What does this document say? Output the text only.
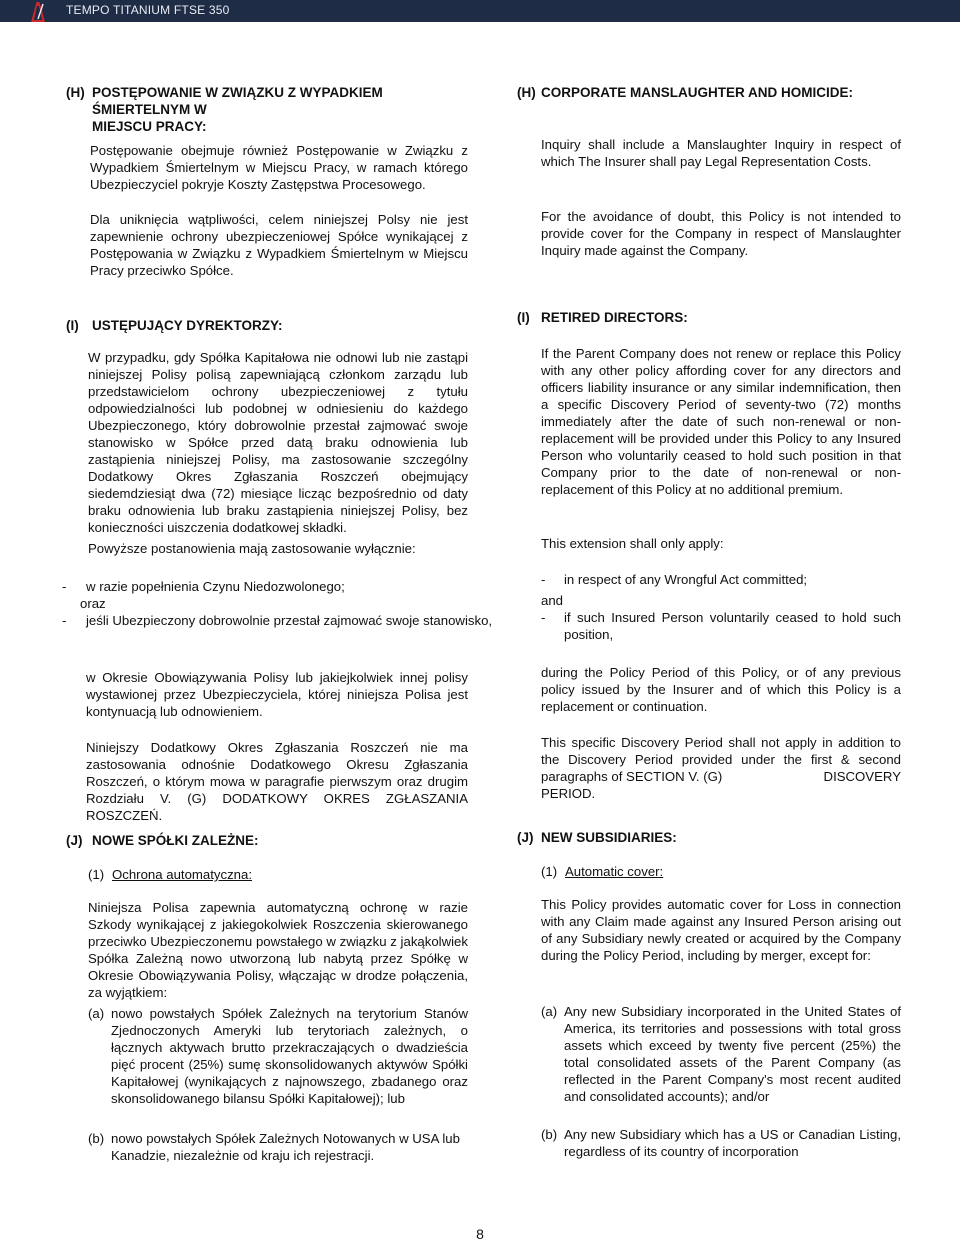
TEMPO TITANIUM FTSE 350
(H) POSTĘPOWANIE W ZWIĄZKU Z WYPADKIEM ŚMIERTELNYM W
MIEJSCU PRACY:
Postępowanie obejmuje również Postępowanie w Związku z Wypadkiem Śmiertelnym w Miejscu Pracy, w ramach którego Ubezpieczyciel pokryje Koszty Zastępstwa Procesowego.
Dla uniknięcia wątpliwości, celem niniejszej Polsy nie jest zapewnienie ochrony ubezpieczeniowej Spółce wynikającej z Postępowania w Związku z Wypadkiem Śmiertelnym w Miejscu Pracy przeciwko Spółce.
(I) USTĘPUJĄCY DYREKTORZY:
W przypadku, gdy Spółka Kapitałowa nie odnowi lub nie zastąpi niniejszej Polisy polisą zapewniającą członkom zarządu lub przedstawicielom ochrony ubezpieczeniowej z tytułu odpowiedzialności lub podobnej w odniesieniu do każdego Ubezpieczonego, który dobrowolnie przestał zajmować swoje stanowisko w Spółce przed datą braku odnowienia lub zastąpienia niniejszej Polisy, ma zastosowanie szczególny Dodatkowy Okres Zgłaszania Roszczeń obejmujący siedemdziesiąt dwa (72) miesiące licząc bezpośrednio od daty braku odnowienia lub braku zastąpienia niniejszej Polisy, bez konieczności uiszczenia dodatkowej składki.
Powyższe postanowienia mają zastosowanie wyłącznie:
- w razie popełnienia Czynu Niedozwolonego;
oraz
- jeśli Ubezpieczony dobrowolnie przestał zajmować swoje stanowisko,
w Okresie Obowiązywania Polisy lub jakiejkolwiek innej polisy wystawionej przez Ubezpieczyciela, której niniejsza Polisa jest kontynuacją lub odnowieniem.
Niniejszy Dodatkowy Okres Zgłaszania Roszczeń nie ma zastosowania odnośnie Dodatkowego Okresu Zgłaszania Roszczeń, o którym mowa w paragrafie pierwszym oraz drugim Rozdziału V. (G) DODATKOWY OKRES ZGŁASZANIA ROSZCZEŃ.
(J) NOWE SPÓŁKI ZALEŻNE:
(1) Ochrona automatyczna:
Niniejsza Polisa zapewnia automatyczną ochronę w razie Szkody wynikającej z jakiegokolwiek Roszczenia skierowanego przeciwko Ubezpieczonemu powstałego w związku z jakąkolwiek Spółka Zależną nowo utworzoną lub nabytą przez Spółkę w Okresie Obowiązywania Polisy, włączając w drodze połączenia, za wyjątkiem:
(a) nowo powstałych Spółek Zależnych na terytorium Stanów Zjednoczonych Ameryki lub terytoriach zależnych, o łącznych aktywach brutto przekraczających o dwadzieścia pięć procent (25%) sumę skonsolidowanych aktywów Spółki Kapitałowej (wynikających z najnowszego, zbadanego oraz skonsolidowanego bilansu Spółki Kapitałowej); lub
(b) nowo powstałych Spółek Zależnych Notowanych w USA lub Kanadzie, niezależnie od kraju ich rejestracji.
(H) CORPORATE MANSLAUGHTER AND HOMICIDE:
Inquiry shall include a Manslaughter Inquiry in respect of which The Insurer shall pay Legal Representation Costs.
For the avoidance of doubt, this Policy is not intended to provide cover for the Company in respect of Manslaughter Inquiry made against the Company.
(I) RETIRED DIRECTORS:
If the Parent Company does not renew or replace this Policy with any other policy affording cover for any directors and officers liability insurance or any similar indemnification, then a specific Discovery Period of seventy-two (72) months immediately after the date of such non-renewal or non-replacement will be provided under this Policy to any Insured Person who voluntarily ceased to hold such position in that Company prior to the date of non-renewal or non-replacement of this Policy at no additional premium.
This extension shall only apply:
- in respect of any Wrongful Act committed;
and
- if such Insured Person voluntarily ceased to hold such position,
during the Policy Period of this Policy, or of any previous policy issued by the Insurer and of which this Policy is a replacement or continuation.
This specific Discovery Period shall not apply in addition to
the Discovery Period provided under the first & second
paragraphs of SECTION V. (G)	DISCOVERY
PERIOD.
(J) NEW SUBSIDIARIES:
(1) Automatic cover:
This Policy provides automatic cover for Loss in connection with any Claim made against any Insured Person arising out of any Subsidiary newly created or acquired by the Company during the Policy Period, including by merger, except for:
(a) Any new Subsidiary incorporated in the United States of America, its territories and possessions with total gross assets which exceed by twenty five percent (25%) the total consolidated assets of the Parent Company (as reflected in the Parent Company's most recent audited and consolidated accounts); and/or
(b) Any new Subsidiary which has a US or Canadian Listing, regardless of its country of incorporation
8
